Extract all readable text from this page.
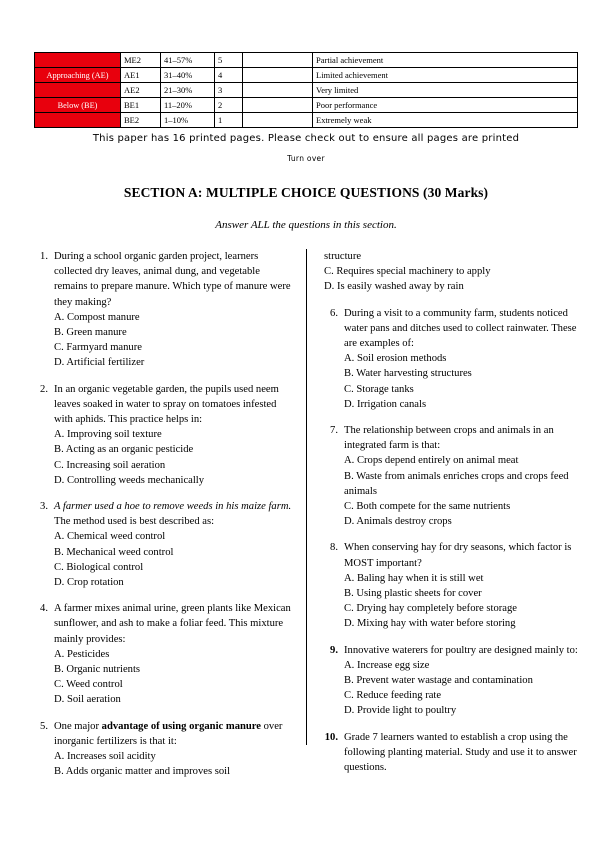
	ME2	41–57%	5		Partial achievement
Approaching (AE)	AE1	31–40%	4		Limited achievement
	AE2	21–30%	3		Very limited
Below (BE)	BE1	11–20%	2		Poor performance
	BE2	1–10%	1		Extremely weak
This paper has 16 printed pages. Please check out to ensure all pages are printed
Turn over
SECTION A: MULTIPLE CHOICE QUESTIONS (30 Marks)
Answer ALL the questions in this section.
1. During a school organic garden project, learners collected dry leaves, animal dung, and vegetable remains to prepare manure. Which type of manure were they making?

A. Compost manure

B. Green manure

C. Farmyard manure

D. Artificial fertilizer

2. In an organic vegetable garden, the pupils used neem leaves soaked in water to spray on tomatoes infested with aphids. This practice helps in:

A. Improving soil texture

B. Acting as an organic pesticide

C. Increasing soil aeration

D. Controlling weeds mechanically

3. A farmer used a hoe to remove weeds in his maize farm.

The method used is best described as:

A. Chemical weed control

B. Mechanical weed control

C. Biological control

D. Crop rotation

4. A farmer mixes animal urine, green plants like Mexican sunflower, and ash to make a foliar feed. This mixture mainly provides:

A. Pesticides

B. Organic nutrients

C. Weed control

D. Soil aeration

5. One major advantage of using organic manure over inorganic fertilizers is that it:

A. Increases soil acidity

B. Adds organic matter and improves soil

structure

C. Requires special machinery to apply

D. Is easily washed away by rain

6. During a visit to a community farm, students noticed water pans and ditches used to collect rainwater. These are examples of:

A. Soil erosion methods

B. Water harvesting structures

C. Storage tanks

D. Irrigation canals

7. The relationship between crops and animals in an integrated farm is that:

A. Crops depend entirely on animal meat

B. Waste from animals enriches crops and crops feed animals

C. Both compete for the same nutrients

D. Animals destroy crops

8. When conserving hay for dry seasons, which factor is MOST important?

A. Baling hay when it is still wet

B. Using plastic sheets for cover

C. Drying hay completely before storage

D. Mixing hay with water before storing

9. Innovative waterers for poultry are designed mainly to:

A. Increase egg size

B. Prevent water wastage and contamination

C. Reduce feeding rate

D. Provide light to poultry

10. Grade 7 learners wanted to establish a crop using the following planting material. Study and use it to answer questions.
